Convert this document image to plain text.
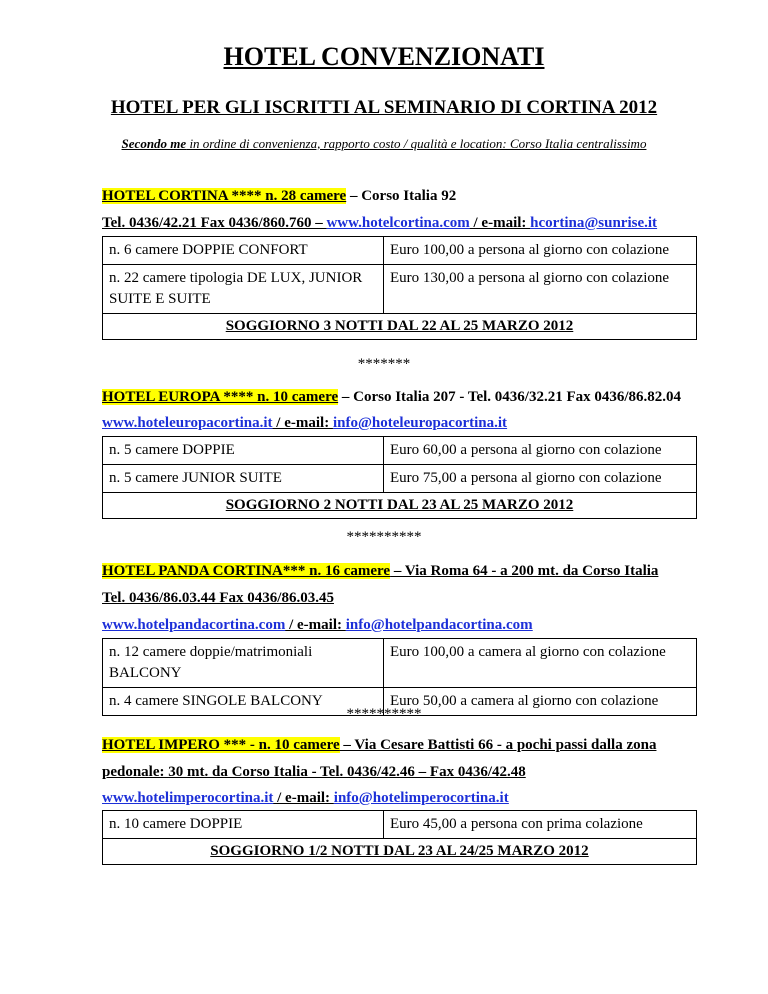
HOTEL CONVENZIONATI
HOTEL PER GLI ISCRITTI AL SEMINARIO DI CORTINA 2012
Secondo me in ordine di convenienza, rapporto costo / qualità e location: Corso Italia centralissimo
HOTEL CORTINA **** n. 28 camere – Corso Italia 92
Tel. 0436/42.21 Fax 0436/860.760 – www.hotelcortina.com / e-mail: hcortina@sunrise.it
n. 6 camere DOPPIE CONFORT	Euro 100,00 a persona al giorno con colazione
n. 22 camere tipologia DE LUX, JUNIOR SUITE E SUITE	Euro 130,00 a persona al giorno con colazione
SOGGIORNO 3 NOTTI DAL 22 AL 25 MARZO 2012	
*******
HOTEL EUROPA **** n. 10 camere – Corso Italia 207 - Tel. 0436/32.21 Fax 0436/86.82.04
www.hoteleuropacortina.it / e-mail: info@hoteleuropacortina.it
n. 5 camere DOPPIE	Euro 60,00 a persona al giorno con colazione
n. 5 camere JUNIOR SUITE	Euro 75,00 a persona al giorno con colazione
SOGGIORNO 2 NOTTI DAL 23 AL 25 MARZO 2012	
**********
HOTEL PANDA CORTINA*** n. 16 camere – Via Roma 64 - a 200 mt. da Corso Italia
Tel. 0436/86.03.44 Fax 0436/86.03.45
www.hotelpandacortina.com / e-mail: info@hotelpandacortina.com
n. 12 camere doppie/matrimoniali BALCONY	Euro 100,00 a camera al giorno con colazione
n. 4 camere SINGOLE BALCONY	Euro 50,00 a camera al giorno con colazione
**********
HOTEL IMPERO *** - n. 10 camere – Via Cesare Battisti 66 - a pochi passi dalla zona
pedonale: 30 mt. da Corso Italia - Tel. 0436/42.46 – Fax 0436/42.48
www.hotelimperocortina.it / e-mail: info@hotelimperocortina.it
n. 10 camere DOPPIE	Euro 45,00 a persona con prima colazione
SOGGIORNO 1/2 NOTTI DAL 23 AL 24/25 MARZO 2012
